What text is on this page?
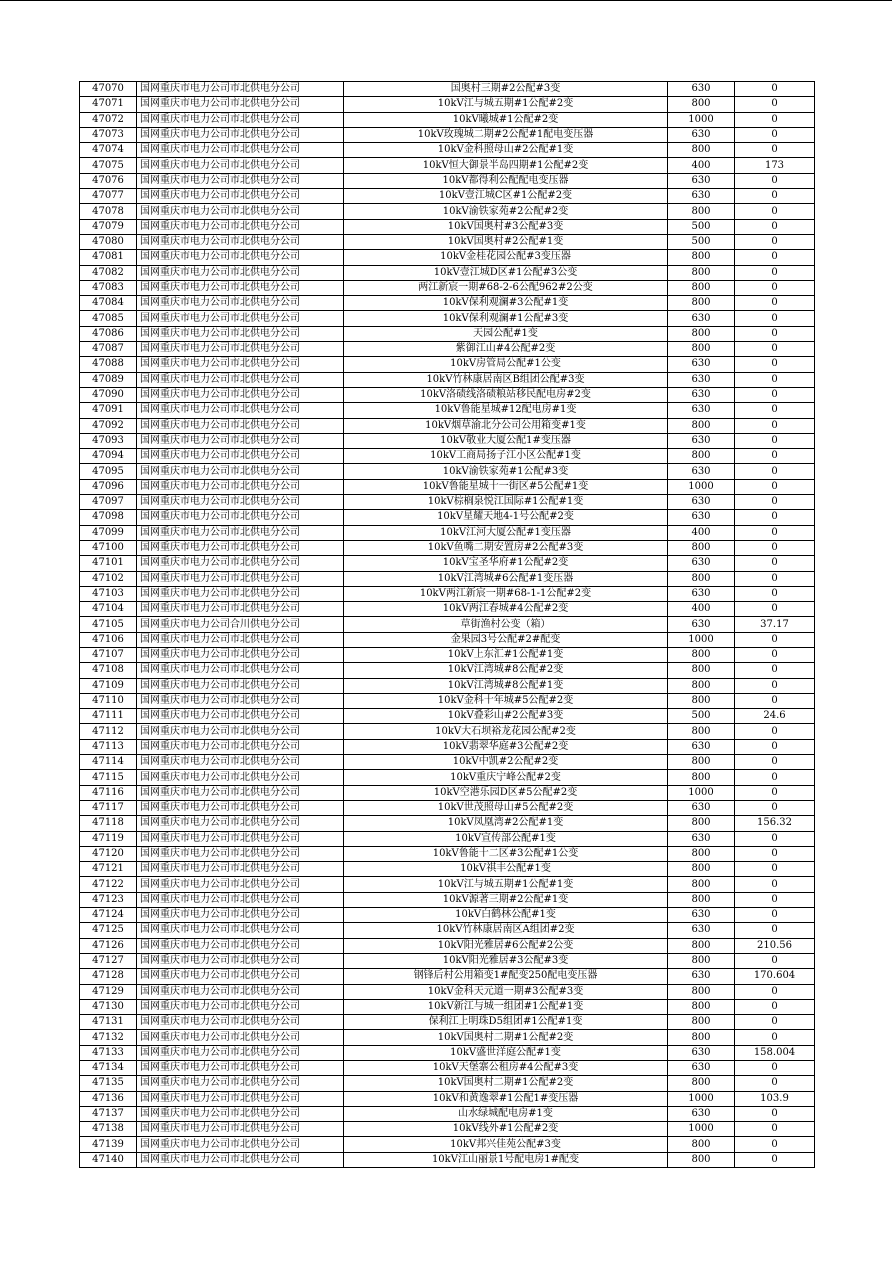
47070	国网重庆市电力公司市北供电分公司	国奥村三期#2公配#3变	630	0
47071	国网重庆市电力公司市北供电分公司	10kV江与城五期#1公配#2变	800	0
47072	国网重庆市电力公司市北供电分公司	10kV曦城#1公配#2变	1000	0
47073	国网重庆市电力公司市北供电分公司	10kV玫瑰城二期#2公配#1配电变压器	630	0
47074	国网重庆市电力公司市北供电分公司	10kV金科照母山#2公配#1变	800	0
47075	国网重庆市电力公司市北供电分公司	10kV恒大御景半岛四期#1公配#2变	400	173
47076	国网重庆市电力公司市北供电分公司	10kV都得利公配配电变压器	630	0
47077	国网重庆市电力公司市北供电分公司	10kV壹江城C区#1公配#2变	630	0
47078	国网重庆市电力公司市北供电分公司	10kV渝铁家苑#2公配#2变	800	0
47079	国网重庆市电力公司市北供电分公司	10kV国奥村#3公配#3变	500	0
47080	国网重庆市电力公司市北供电分公司	10kV国奥村#2公配#1变	500	0
47081	国网重庆市电力公司市北供电分公司	10kV金桂花园公配#3变压器	800	0
47082	国网重庆市电力公司市北供电分公司	10kV壹江城D区#1公配#3公变	800	0
47083	国网重庆市电力公司市北供电分公司	两江新宸一期#68-2-6公配962#2公变	800	0
47084	国网重庆市电力公司市北供电分公司	10kV保利观澜#3公配#1变	800	0
47085	国网重庆市电力公司市北供电分公司	10kV保利观澜#1公配#3变	630	0
47086	国网重庆市电力公司市北供电分公司	天园公配#1变	800	0
47087	国网重庆市电力公司市北供电分公司	紫御江山#4公配#2变	800	0
47088	国网重庆市电力公司市北供电分公司	10kV房管局公配#1公变	630	0
47089	国网重庆市电力公司市北供电分公司	10kV竹林康居南区B组团公配#3变	630	0
47090	国网重庆市电力公司市北供电分公司	10kV洛碛线洛碛粮站移民配电房#2变	630	0
47091	国网重庆市电力公司市北供电分公司	10kV鲁能星城#12配电房#1变	630	0
47092	国网重庆市电力公司市北供电分公司	10kV烟草渝北分公司公用箱变#1变	800	0
47093	国网重庆市电力公司市北供电分公司	10kV敬业大厦公配1#变压器	630	0
47094	国网重庆市电力公司市北供电分公司	10kV工商局扬子江小区公配#1变	800	0
47095	国网重庆市电力公司市北供电分公司	10kV渝铁家苑#1公配#3变	630	0
47096	国网重庆市电力公司市北供电分公司	10kV鲁能星城十一街区#5公配#1变	1000	0
47097	国网重庆市电力公司市北供电分公司	10kV棕榈泉悦江国际#1公配#1变	630	0
47098	国网重庆市电力公司市北供电分公司	10kV星耀天地4-1号公配#2变	630	0
47099	国网重庆市电力公司市北供电分公司	10kV江河大厦公配#1变压器	400	0
47100	国网重庆市电力公司市北供电分公司	10kV鱼嘴二期安置房#2公配#3变	800	0
47101	国网重庆市电力公司市北供电分公司	10kV宝圣华府#1公配#2变	630	0
47102	国网重庆市电力公司市北供电分公司	10kV江湾城#6公配#1变压器	800	0
47103	国网重庆市电力公司市北供电分公司	10kV两江新宸一期#68-1-1公配#2变	630	0
47104	国网重庆市电力公司市北供电分公司	10kV两江春城#4公配#2变	400	0
47105	国网重庆市电力公司合川供电分公司	草街渔村公变（箱）	630	37.17
47106	国网重庆市电力公司市北供电分公司	金果园3号公配#2#配变	1000	0
47107	国网重庆市电力公司市北供电分公司	10kV上东汇#1公配#1变	800	0
47108	国网重庆市电力公司市北供电分公司	10kV江湾城#8公配#2变	800	0
47109	国网重庆市电力公司市北供电分公司	10kV江湾城#8公配#1变	800	0
47110	国网重庆市电力公司市北供电分公司	10kV金科十年城#5公配#2变	800	0
47111	国网重庆市电力公司市北供电分公司	10kV叠彩山#2公配#3变	500	24.6
47112	国网重庆市电力公司市北供电分公司	10kV大石坝裕龙花园公配#2变	800	0
47113	国网重庆市电力公司市北供电分公司	10kV翡翠华庭#3公配#2变	630	0
47114	国网重庆市电力公司市北供电分公司	10kV中凯#2公配#2变	800	0
47115	国网重庆市电力公司市北供电分公司	10kV重庆宁峰公配#2变	800	0
47116	国网重庆市电力公司市北供电分公司	10kV空港乐园D区#5公配#2变	1000	0
47117	国网重庆市电力公司市北供电分公司	10kV世茂照母山#5公配#2变	630	0
47118	国网重庆市电力公司市北供电分公司	10kV凤凰湾#2公配#1变	800	156.32
47119	国网重庆市电力公司市北供电分公司	10kV宣传部公配#1变	630	0
47120	国网重庆市电力公司市北供电分公司	10kV鲁能十二区#3公配#1公变	800	0
47121	国网重庆市电力公司市北供电分公司	10kV祺丰公配#1变	800	0
47122	国网重庆市电力公司市北供电分公司	10kV江与城五期#1公配#1变	800	0
47123	国网重庆市电力公司市北供电分公司	10kV源著三期#2公配#1变	800	0
47124	国网重庆市电力公司市北供电分公司	10kV白鹤林公配#1变	630	0
47125	国网重庆市电力公司市北供电分公司	10kV竹林康居南区A组团#2变	630	0
47126	国网重庆市电力公司市北供电分公司	10kV阳光雅居#6公配#2公变	800	210.56
47127	国网重庆市电力公司市北供电分公司	10kV阳光雅居#3公配#3变	800	0
47128	国网重庆市电力公司市北供电分公司	钢锋后村公用箱变1#配变250配电变压器	630	170.604
47129	国网重庆市电力公司市北供电分公司	10kV金科天元道一期#3公配#3变	800	0
47130	国网重庆市电力公司市北供电分公司	10kV新江与城一组团#1公配#1变	800	0
47131	国网重庆市电力公司市北供电分公司	保利江上明珠D5组团#1公配#1变	800	0
47132	国网重庆市电力公司市北供电分公司	10kV国奥村二期#1公配#2变	800	0
47133	国网重庆市电力公司市北供电分公司	10kV盛世洋庭公配#1变	630	158.004
47134	国网重庆市电力公司市北供电分公司	10kV天堡寨公租房#4公配#3变	630	0
47135	国网重庆市电力公司市北供电分公司	10kV国奥村二期#1公配#2变	800	0
47136	国网重庆市电力公司市北供电分公司	10kV和黄逸翠#1公配1#变压器	1000	103.9
47137	国网重庆市电力公司市北供电分公司	山水绿城配电房#1变	630	0
47138	国网重庆市电力公司市北供电分公司	10kV线外#1公配#2变	1000	0
47139	国网重庆市电力公司市北供电分公司	10kV邦兴佳苑公配#3变	800	0
47140	国网重庆市电力公司市北供电分公司	10kV江山丽景1号配电房1#配变	800	0
